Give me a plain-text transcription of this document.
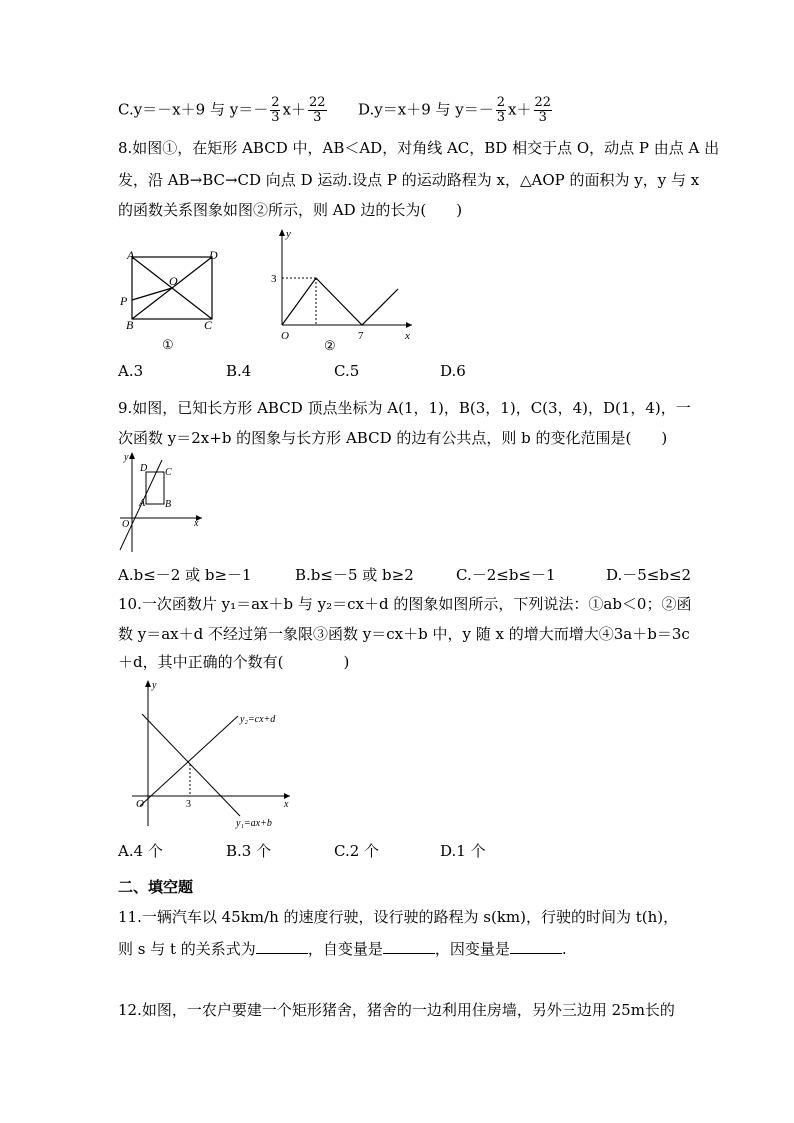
C.y＝－x＋9 与 $y=- \frac{2}{3} x+ \frac{22}{3} D.y=x+9$ 与 $y=- \frac{2}{3} x+ \frac{22}{3}$
8.如图①，在矩形 ABCD 中，AB＜AD，对角线 AC，BD 相交于点 O，动点 P 由点 A 出
发，沿 AB→BC→CD 向点 D 运动.设点 P 的运动路程为 x，△AOP 的面积为 y，y 与 x
的函数关系图象如图②所示，则 AD 边的长为(　　)
A	D
O
P
B	C
①
y
x
O
3
7
②
A.3	B.4	C.5	D.6
9.如图，已知长方形 ABCD 顶点坐标为 A(1，1)，B(3，1)，C(3，4)，D(1，4)，一
次函数 y＝2x+b 的图象与长方形 ABCD 的边有公共点，则 b 的变化范围是(　　)
y
x
O
A B
C
D
A.b≤－2 或 b≥－1	B.b≤－5 或 b≥2	C.－2≤b≤－1	D.－5≤b≤2
10.一次函数片 y₁＝ax＋b 与 y₂＝cx＋d 的图象如图所示，下列说法：①ab＜0；②函
数 y＝ax＋d 不经过第一象限③函数 y＝cx＋b 中，y 随 x 的增大而增大④3a＋b＝3c
＋d，其中正确的个数有(　　　　)
y
x
O	3
y₂=cx+d
y₁=ax+b
A.4 个	B.3 个	C.2 个	D.1 个
二、填空题
11.一辆汽车以 45km/h 的速度行驶，设行驶的路程为 s(km)，行驶的时间为 t(h)，
则 s 与 t 的关系式为	，自变量是	，因变量是	.
12.如图，一农户要建一个矩形猪舍，猪舍的一边利用住房墙，另外三边用 25m长的
